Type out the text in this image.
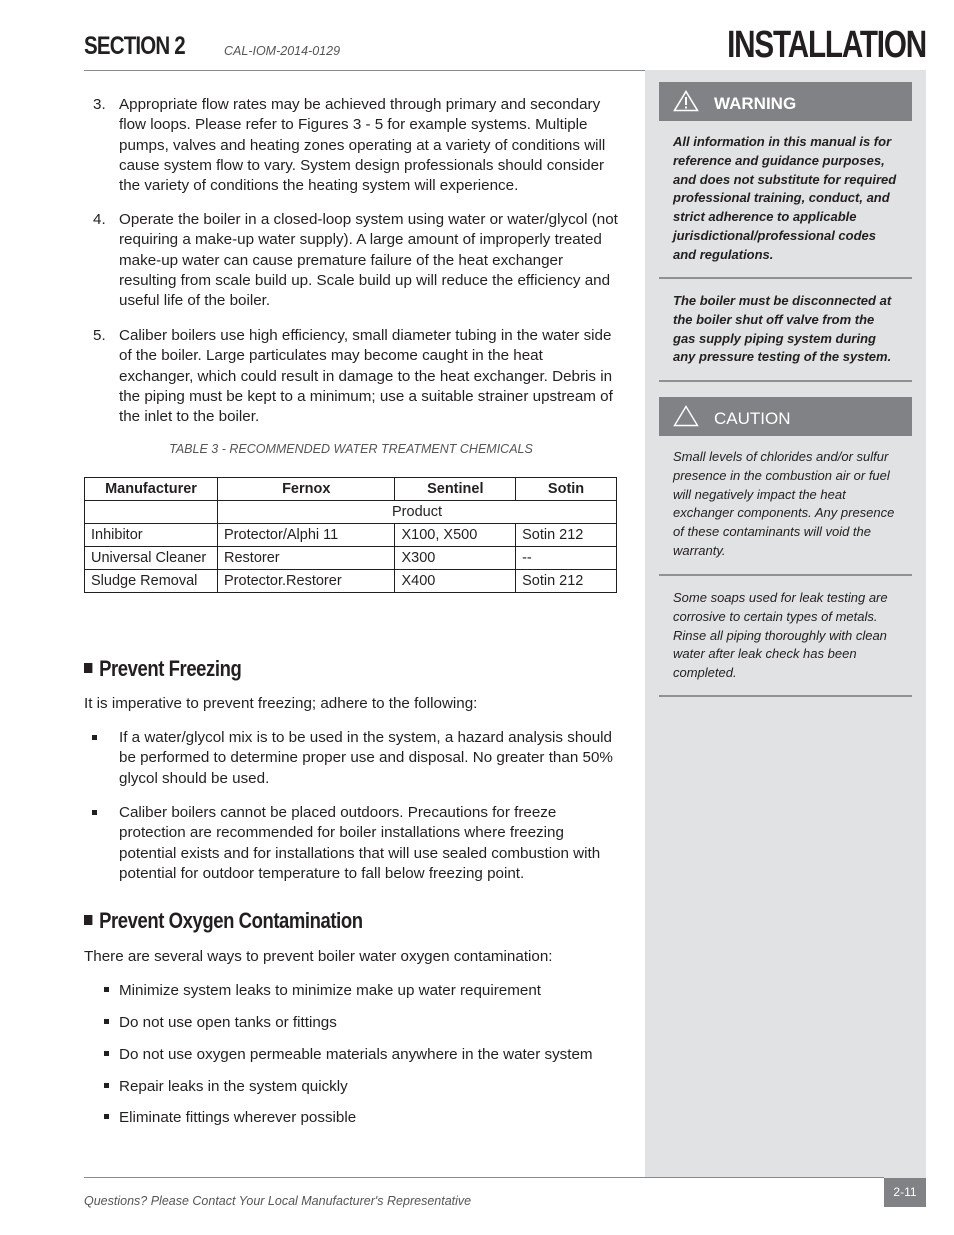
SECTION 2	CAL-IOM-2014-0129	INSTALLATION
WARNING
All information in this manual is for reference and guidance purposes, and does not substitute for required professional training, conduct, and strict adherence to applicable jurisdictional/professional codes and regulations.
The boiler must be disconnected at the boiler shut off valve from the gas supply piping system during any pressure testing of the system.
CAUTION
Small levels of chlorides and/or sulfur presence in the combustion air or fuel will negatively impact the heat exchanger components. Any presence of these contaminants will void the warranty.
Some soaps used for leak testing are corrosive to certain types of metals. Rinse all piping thoroughly with clean water after leak check has been completed.
3. Appropriate flow rates may be achieved through primary and secondary flow loops. Please refer to Figures 3 - 5 for example systems. Multiple pumps, valves and heating zones operating at a variety of conditions will cause system flow to vary. System design professionals should consider the variety of conditions the heating system will experience.
4. Operate the boiler in a closed-loop system using water or water/glycol (not requiring a make-up water supply). A large amount of improperly treated make-up water can cause premature failure of the heat exchanger resulting from scale build up. Scale build up will reduce the efficiency and useful life of the boiler.
5. Caliber boilers use high efficiency, small diameter tubing in the water side of the boiler. Large particulates may become caught in the heat exchanger, which could result in damage to the heat exchanger. Debris in the piping must be kept to a minimum; use a suitable strainer upstream of the inlet to the boiler.
TABLE 3 - RECOMMENDED WATER TREATMENT CHEMICALS
Manufacturer	Fernox	Sentinel	Sotin
	Product		
Inhibitor	Protector/Alphi 11	X100, X500	Sotin 212
Universal Cleaner	Restorer	X300	--
Sludge Removal	Protector.Restorer	X400	Sotin 212
Prevent Freezing
It is imperative to prevent freezing; adhere to the following:
If a water/glycol mix is to be used in the system, a hazard analysis should be performed to determine proper use and disposal. No greater than 50% glycol should be used.
Caliber boilers cannot be placed outdoors. Precautions for freeze protection are recommended for boiler installations where freezing potential exists and for installations that will use sealed combustion with potential for outdoor temperature to fall below freezing point.
Prevent Oxygen Contamination
There are several ways to prevent boiler water oxygen contamination:
Minimize system leaks to minimize make up water requirement
Do not use open tanks or fittings
Do not use oxygen permeable materials anywhere in the water system
Repair leaks in the system quickly
Eliminate fittings wherever possible
Questions? Please Contact Your Local Manufacturer's Representative
2-11
